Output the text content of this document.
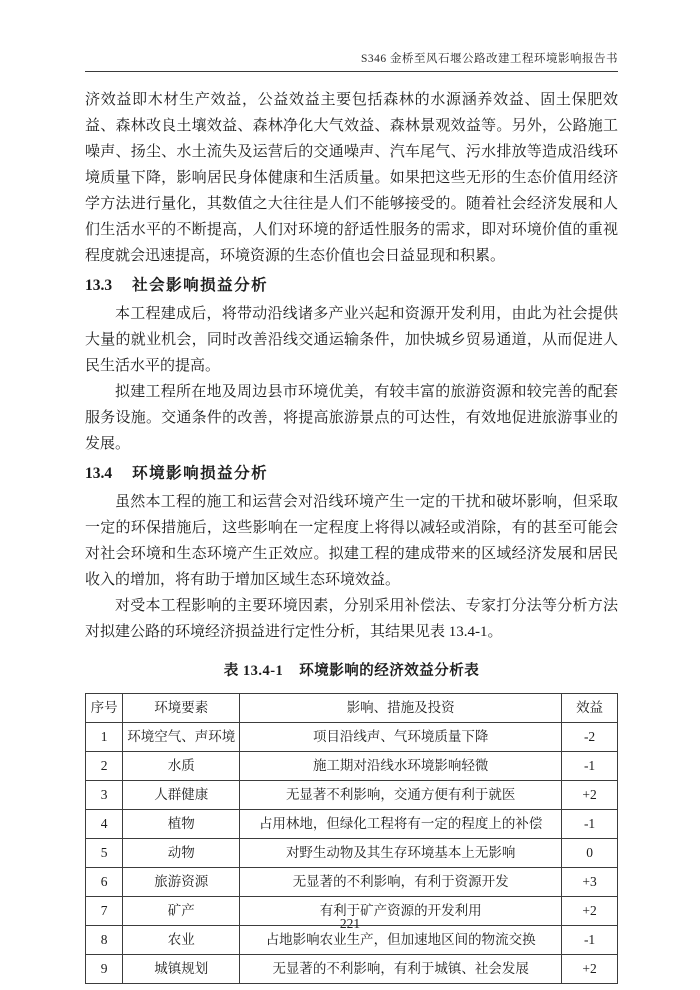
S346 金桥至风石堰公路改建工程环境影响报告书

济效益即木材生产效益，公益效益主要包括森林的水源涵养效益、固土保肥效益、森林改良土壤效益、森林净化大气效益、森林景观效益等。另外，公路施工噪声、扬尘、水土流失及运营后的交通噪声、汽车尾气、污水排放等造成沿线环境质量下降，影响居民身体健康和生活质量。如果把这些无形的生态价值用经济学方法进行量化，其数值之大往往是人们不能够接受的。随着社会经济发展和人们生活水平的不断提高，人们对环境的舒适性服务的需求，即对环境价值的重视程度就会迅速提高，环境资源的生态价值也会日益显现和积累。

13.3 社会影响损益分析

本工程建成后，将带动沿线诸多产业兴起和资源开发利用，由此为社会提供大量的就业机会，同时改善沿线交通运输条件，加快城乡贸易通道，从而促进人民生活水平的提高。

拟建工程所在地及周边县市环境优美，有较丰富的旅游资源和较完善的配套服务设施。交通条件的改善，将提高旅游景点的可达性，有效地促进旅游事业的发展。

13.4 环境影响损益分析

虽然本工程的施工和运营会对沿线环境产生一定的干扰和破坏影响，但采取一定的环保措施后，这些影响在一定程度上将得以减轻或消除，有的甚至可能会对社会环境和生态环境产生正效应。拟建工程的建成带来的区域经济发展和居民收入的增加，将有助于增加区域生态环境效益。

对受本工程影响的主要环境因素，分别采用补偿法、专家打分法等分析方法对拟建公路的环境经济损益进行定性分析，其结果见表 13.4-1。

表 13.4-1 环境影响的经济效益分析表
序号	环境要素	影响、措施及投资	效益
1	环境空气、声环境	项目沿线声、气环境质量下降	-2
2	水质	施工期对沿线水环境影响轻微	-1
3	人群健康	无显著不利影响，交通方便有利于就医	+2
4	植物	占用林地，但绿化工程将有一定的程度上的补偿	-1
5	动物	对野生动物及其生存环境基本上无影响	0
6	旅游资源	无显著的不利影响，有利于资源开发	+3
7	矿产	有利于矿产资源的开发利用	+2
8	农业	占地影响农业生产，但加速地区间的物流交换	-1
9	城镇规划	无显著的不利影响，有利于城镇、社会发展	+2
221
